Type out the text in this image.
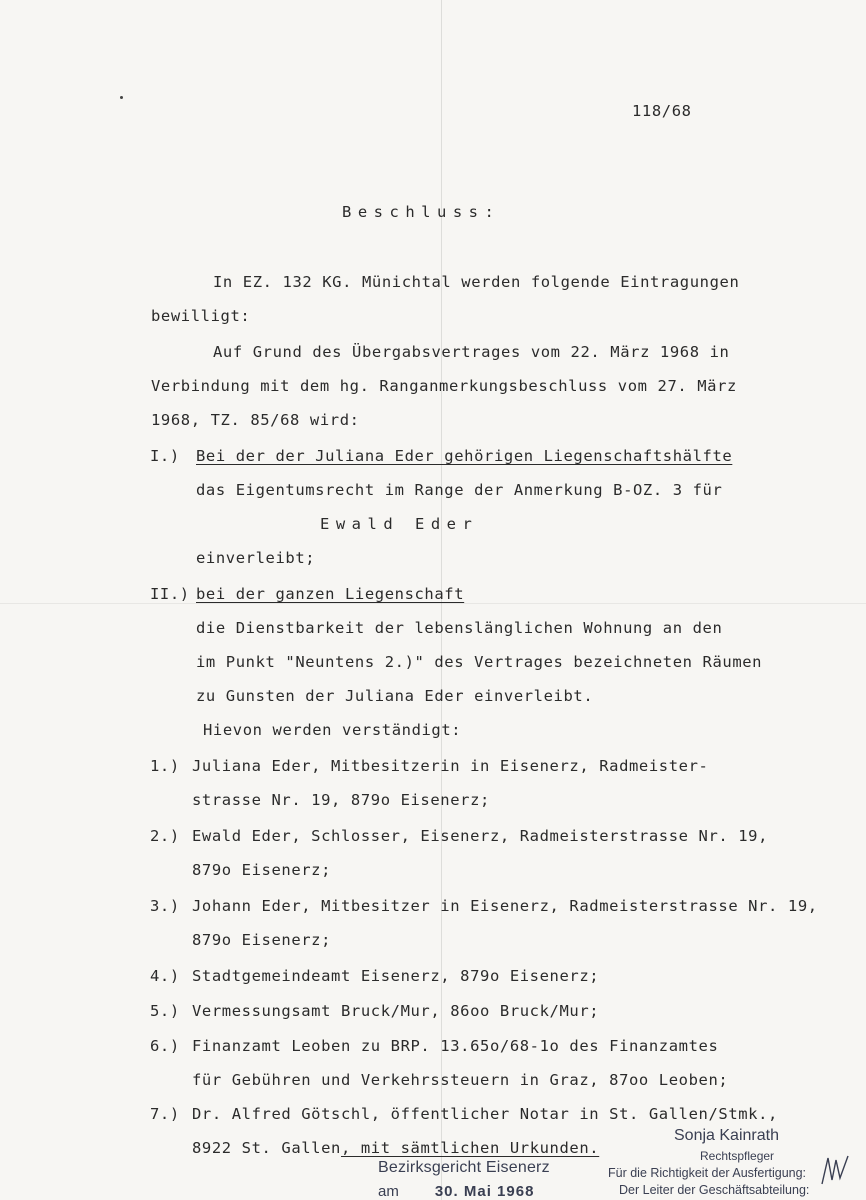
118/68
Beschluss:
In EZ. 132 KG. Münichtal werden folgende Eintragungen
bewilligt:
Auf Grund des Übergabsvertrages vom 22. März 1968 in
Verbindung mit dem hg. Ranganmerkungsbeschluss vom 27. März
1968, TZ. 85/68 wird:
I.) Bei der der Juliana Eder gehörigen Liegenschaftshälfte
das Eigentumsrecht im Range der Anmerkung B-OZ. 3 für
Ewald Eder
einverleibt;
II.) bei der ganzen Liegenschaft
die Dienstbarkeit der lebenslänglichen Wohnung an den
im Punkt "Neuntens 2.)" des Vertrages bezeichneten Räumen
zu Gunsten der Juliana Eder einverleibt.
Hievon werden verständigt:
1.) Juliana Eder, Mitbesitzerin in Eisenerz, Radmeister-
strasse Nr. 19, 879o Eisenerz;
2.) Ewald Eder, Schlosser, Eisenerz, Radmeisterstrasse Nr. 19,
879o Eisenerz;
3.) Johann Eder, Mitbesitzer in Eisenerz, Radmeisterstrasse Nr. 19,
879o Eisenerz;
4.) Stadtgemeindeamt Eisenerz, 879o Eisenerz;
5.) Vermessungsamt Bruck/Mur, 86oo Bruck/Mur;
6.) Finanzamt Leoben zu BRP. 13.65o/68-1o des Finanzamtes
für Gebühren und Verkehrssteuern in Graz, 87oo Leoben;
7.) Dr. Alfred Götschl, öffentlicher Notar in St. Gallen/Stmk.,
8922 St. Gallen, mit sämtlichen Urkunden.
Bezirksgericht Eisenerz
am 30. Mai 1968
Sonja Kainrath
Rechtspfleger
Für die Richtigkeit der Ausfertigung:
Der Leiter der Geschäftsabteilung:
